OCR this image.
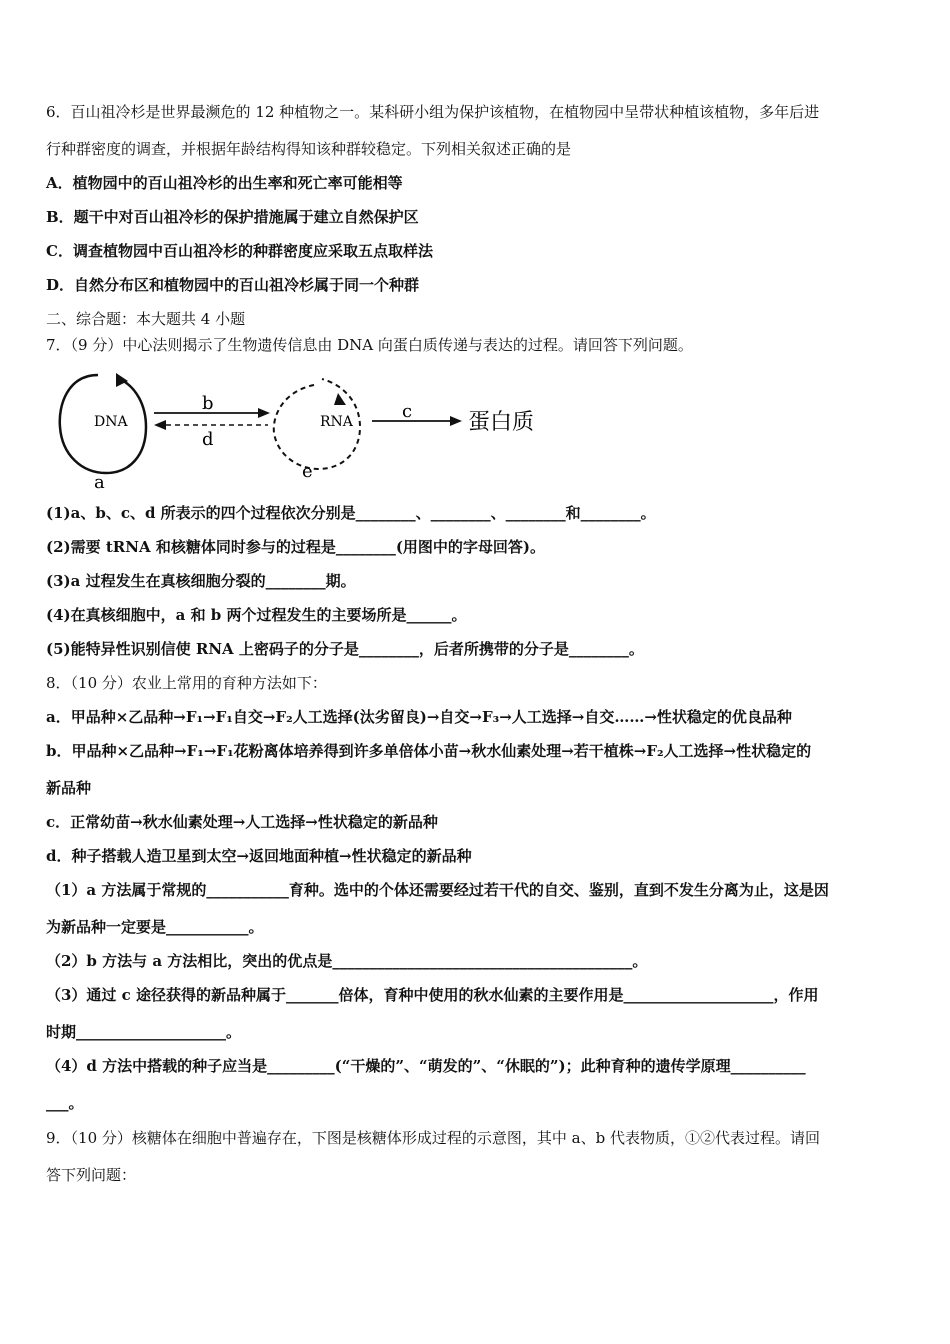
6．百山祖冷杉是世界最濒危的 12 种植物之一。某科研小组为保护该植物，在植物园中呈带状种植该植物，多年后进
行种群密度的调查，并根据年龄结构得知该种群较稳定。下列相关叙述正确的是
A．植物园中的百山祖冷杉的出生率和死亡率可能相等
B．题干中对百山祖冷杉的保护措施属于建立自然保护区
C．调查植物园中百山祖冷杉的种群密度应采取五点取样法
D．自然分布区和植物园中的百山祖冷杉属于同一个种群
二、综合题：本大题共 4 小题
7．（9 分）中心法则揭示了生物遗传信息由 DNA 向蛋白质传递与表达的过程。请回答下列问题。
DNA
a
b
d
RNA
e
c	蛋白质
(1)a、b、c、d 所表示的四个过程依次分别是________、________、________和________。
(2)需要 tRNA 和核糖体同时参与的过程是________(用图中的字母回答)。
(3)a 过程发生在真核细胞分裂的________期。
(4)在真核细胞中，a 和 b 两个过程发生的主要场所是______。
(5)能特异性识别信使 RNA 上密码子的分子是________，后者所携带的分子是________。
8．（10 分）农业上常用的育种方法如下：
a．甲品种×乙品种→F₁→F₁自交→F₂人工选择(汰劣留良)→自交→F₃→人工选择→自交……→性状稳定的优良品种
b．甲品种×乙品种→F₁→F₁花粉离体培养得到许多单倍体小苗→秋水仙素处理→若干植株→F₂人工选择→性状稳定的
新品种
c．正常幼苗→秋水仙素处理→人工选择→性状稳定的新品种
d．种子搭载人造卫星到太空→返回地面种植→性状稳定的新品种
（1）a 方法属于常规的___________育种。选中的个体还需要经过若干代的自交、鉴别，直到不发生分离为止，这是因
为新品种一定要是___________。
（2）b 方法与 a 方法相比，突出的优点是________________________________________。
（3）通过 c 途径获得的新品种属于_______倍体，育种中使用的秋水仙素的主要作用是____________________，作用
时期____________________。
（4）d 方法中搭载的种子应当是_________(“干燥的”、“萌发的”、“休眠的”)；此种育种的遗传学原理__________
___。
9．（10 分）核糖体在细胞中普遍存在，下图是核糖体形成过程的示意图，其中 a、b 代表物质，①②代表过程。请回
答下列问题：
